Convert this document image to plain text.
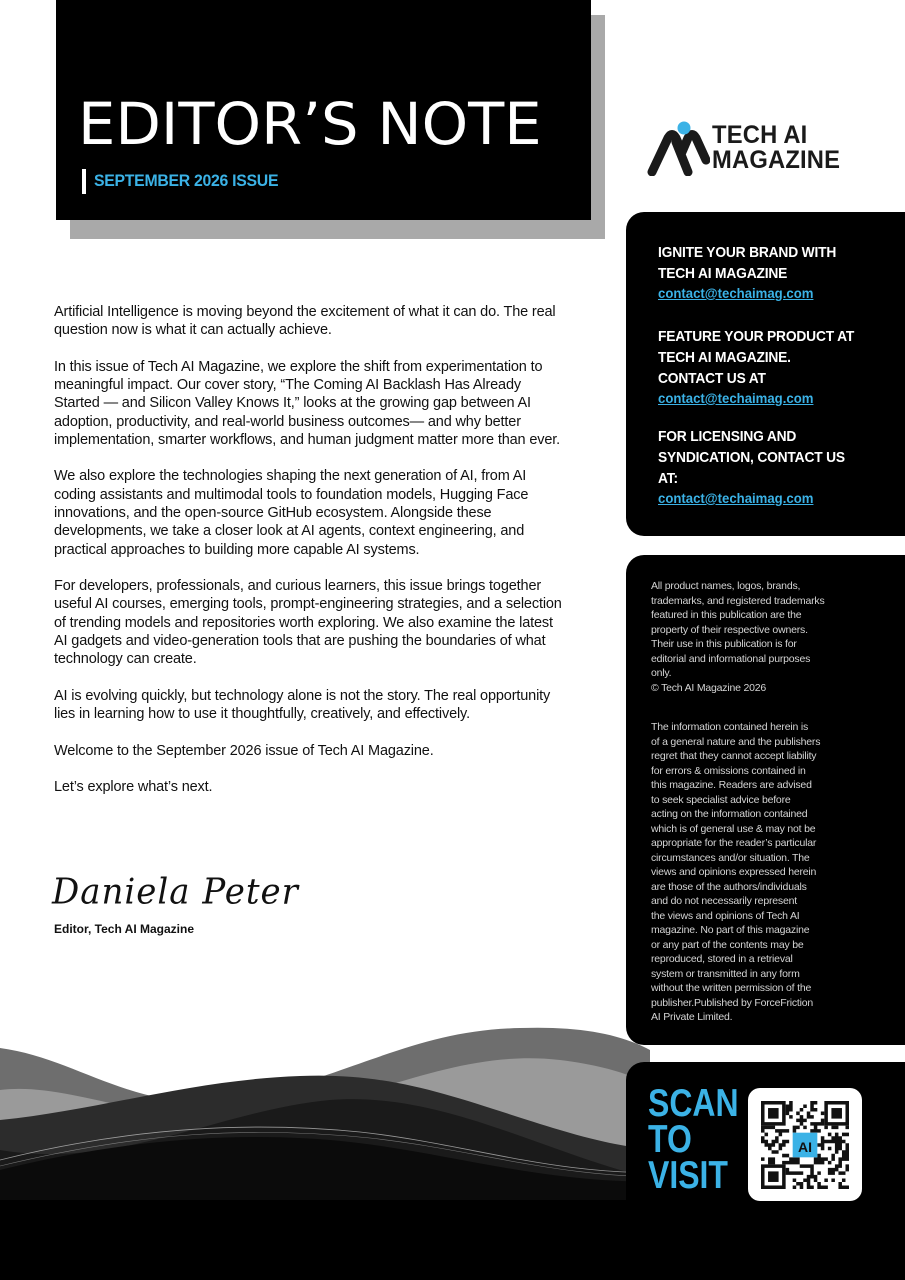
EDITOR’S NOTE
SEPTEMBER 2026 ISSUE
TECH AI
MAGAZINE

Artificial Intelligence is moving beyond the excitement of what it can do. The real question now is what it can actually achieve.

In this issue of Tech AI Magazine, we explore the shift from experimentation to meaningful impact. Our cover story, “The Coming AI Backlash Has Already Started — and Silicon Valley Knows It,” looks at the growing gap between AI adoption, productivity, and real-world business outcomes— and why better implementation, smarter workflows, and human judgment matter more than ever.

We also explore the technologies shaping the next generation of AI, from AI coding assistants and multimodal tools to foundation models, Hugging Face innovations, and the open-source GitHub ecosystem. Alongside these developments, we take a closer look at AI agents, context engineering, and practical approaches to building more capable AI systems.

For developers, professionals, and curious learners, this issue brings together useful AI courses, emerging tools, prompt-engineering strategies, and a selection of trending models and repositories worth exploring. We also examine the latest AI gadgets and video-generation tools that are pushing the boundaries of what technology can create.

AI is evolving quickly, but technology alone is not the story. The real opportunity lies in learning how to use it thoughtfully, creatively, and effectively.

Welcome to the September 2026 issue of Tech AI Magazine.

Let’s explore what’s next.

Daniela Peter
Editor, Tech AI Magazine
IGNITE YOUR BRAND WITH
TECH AI MAGAZINE
contact@techaimag.com
FEATURE YOUR PRODUCT AT
TECH AI MAGAZINE.
CONTACT US AT
contact@techaimag.com
FOR LICENSING AND
SYNDICATION, CONTACT US
AT:
contact@techaimag.com
All product names, logos, brands,
trademarks, and registered trademarks
featured in this publication are the
property of their respective owners.
Their use in this publication is for
editorial and informational purposes
only.
© Tech AI Magazine 2026
The information contained herein is
of a general nature and the publishers
regret that they cannot accept liability
for errors & omissions contained in
this magazine. Readers are advised
to seek specialist advice before
acting on the information contained
which is of general use & may not be
appropriate for the reader’s particular
circumstances and/or situation. The
views and opinions expressed herein
are those of the authors/individuals
and do not necessarily represent
the views and opinions of Tech AI
magazine. No part of this magazine
or any part of the contents may be
reproduced, stored in a retrieval
system or transmitted in any form
without the written permission of the
publisher.Published by ForceFriction
AI Private Limited.
SCAN
TO
VISIT
AI
